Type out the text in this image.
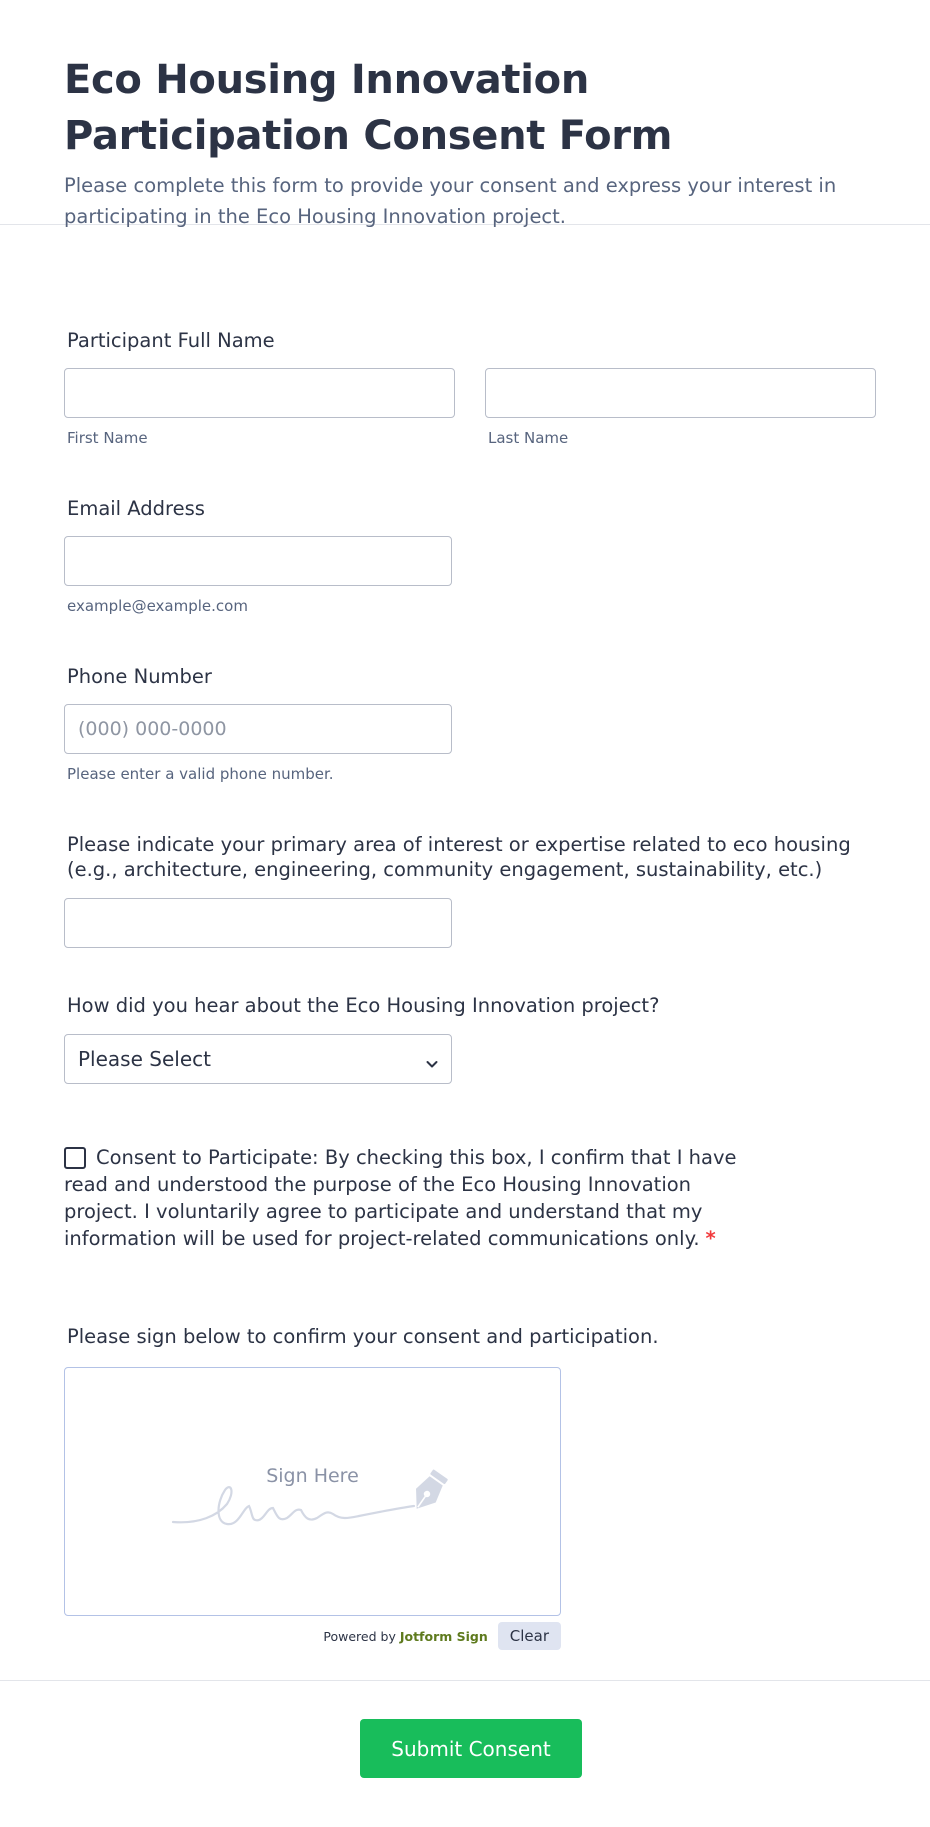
Eco Housing Innovation Participation Consent Form

Please complete this form to provide your consent and express your interest in participating in the Eco Housing Innovation project.

Participant Full Name
First Name	Last Name
Email Address
example@example.com
Phone Number
(000) 000-0000
Please enter a valid phone number.
Please indicate your primary area of interest or expertise related to eco housing (e.g., architecture, engineering, community engagement, sustainability, etc.)
How did you hear about the Eco Housing Innovation project?
Please Select
Consent to Participate: By checking this box, I confirm that I have read and understood the purpose of the Eco Housing Innovation project. I voluntarily agree to participate and understand that my information will be used for project-related communications only. *
Please sign below to confirm your consent and participation.
Sign Here
Powered by Jotform Sign	Clear
Submit Consent
